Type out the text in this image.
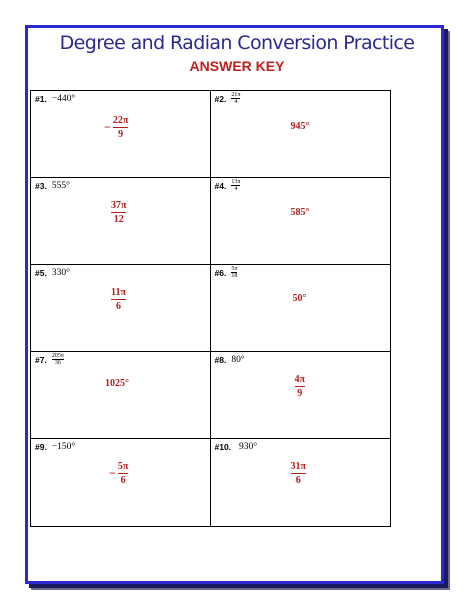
Degree and Radian Conversion Practice
ANSWER KEY
#1. −440°
− $\frac{22\pi}{9}$
#2. 21π
4
945°
#3. 555°
$\frac{37\pi}{12}$
#4. 13π
4
585°
#5. 330°
$\frac{11\pi}{6}$
#6. 5π
18
50°
#7. 205π
36
1025°
#8. 80°
$\frac{4\pi}{9}$
#9. −150°
− $\frac{5\pi}{6}$
#10. 930°
$\frac{31\pi}{6}$
